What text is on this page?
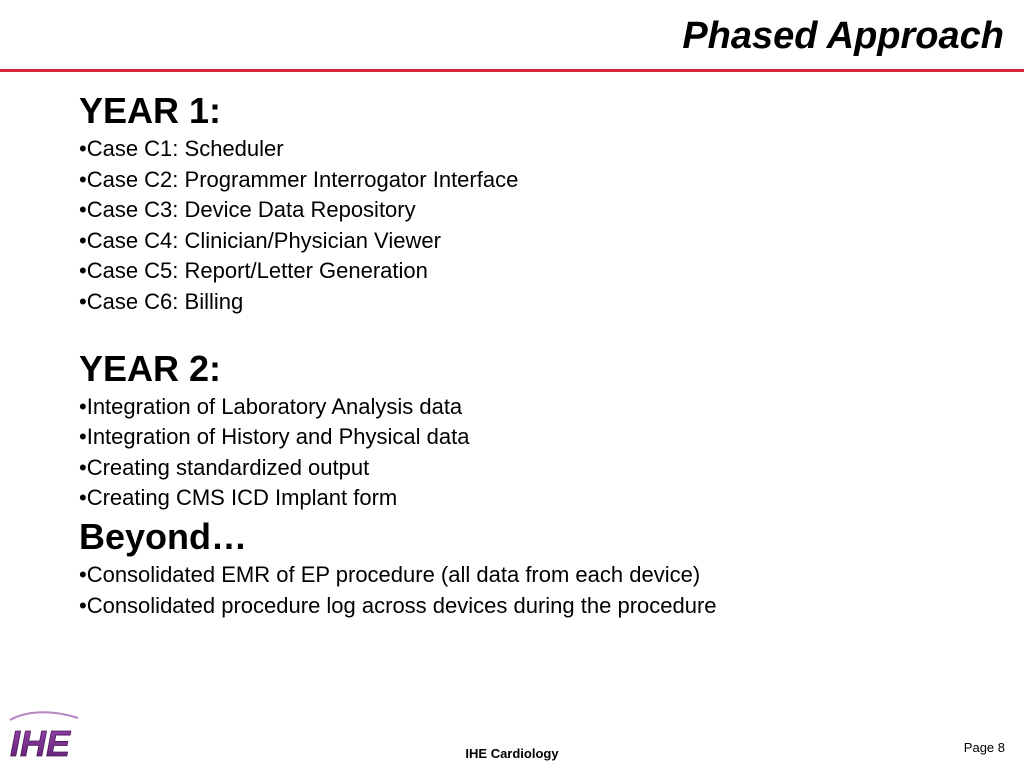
Phased Approach
YEAR 1:
•Case C1: Scheduler
•Case C2: Programmer Interrogator Interface
•Case C3: Device Data Repository
•Case C4: Clinician/Physician Viewer
•Case C5: Report/Letter Generation
•Case C6: Billing
YEAR 2:
•Integration of Laboratory Analysis data
•Integration of History and Physical data
•Creating standardized output
•Creating CMS ICD Implant form
Beyond…
•Consolidated EMR of EP procedure (all data from each device)
•Consolidated procedure log across devices during the procedure
IHE	IHE Cardiology	Page 8
